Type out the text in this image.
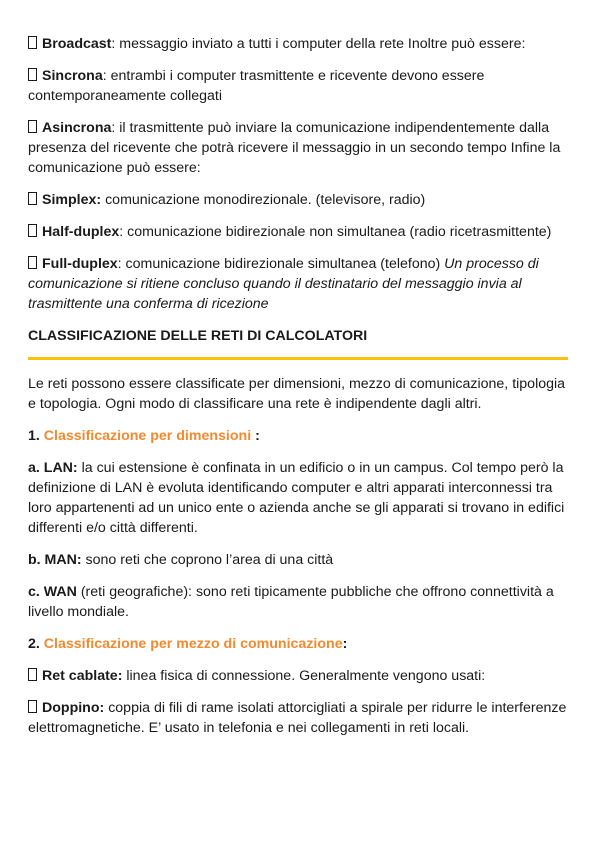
Broadcast: messaggio inviato a tutti i computer della rete Inoltre può essere:

Sincrona: entrambi i computer trasmittente e ricevente devono essere contemporaneamente collegati

Asincrona: il trasmittente può inviare la comunicazione indipendentemente dalla presenza del ricevente che potrà ricevere il messaggio in un secondo tempo Infine la comunicazione può essere:

Simplex: comunicazione monodirezionale. (televisore, radio)

Half-duplex: comunicazione bidirezionale non simultanea (radio ricetrasmittente)

Full-duplex: comunicazione bidirezionale simultanea (telefono) Un processo di comunicazione si ritiene concluso quando il destinatario del messaggio invia al trasmittente una conferma di ricezione

CLASSIFICAZIONE DELLE RETI DI CALCOLATORI

Le reti possono essere classificate per dimensioni, mezzo di comunicazione, tipologia e topologia. Ogni modo di classificare una rete è indipendente dagli altri.

1. Classificazione per dimensioni :

a. LAN: la cui estensione è confinata in un edificio o in un campus. Col tempo però la definizione di LAN è evoluta identificando computer e altri apparati interconnessi tra loro appartenenti ad un unico ente o azienda anche se gli apparati si trovano in edifici differenti e/o città differenti.

b. MAN: sono reti che coprono l’area di una città

c. WAN (reti geografiche): sono reti tipicamente pubbliche che offrono connettività a livello mondiale.

2. Classificazione per mezzo di comunicazione:

Ret cablate: linea fisica di connessione. Generalmente vengono usati:

Doppino: coppia di fili di rame isolati attorcigliati a spirale per ridurre le interferenze elettromagnetiche. E’ usato in telefonia e nei collegamenti in reti locali.
